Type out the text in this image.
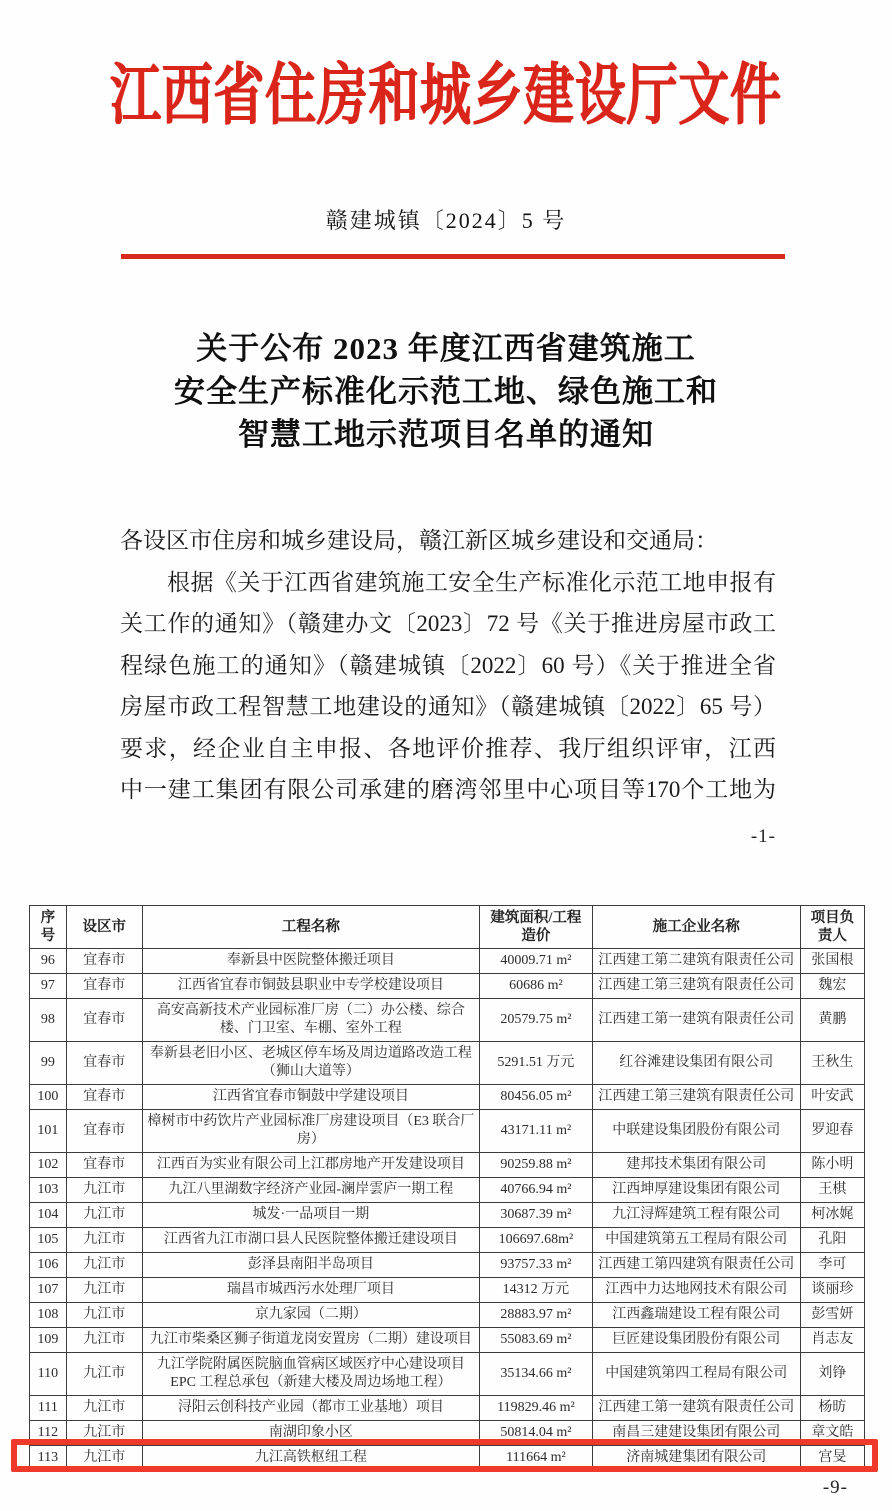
江西省住房和城乡建设厅文件
赣建城镇〔2024〕5 号
关于公布 2023 年度江西省建筑施工
安全生产标准化示范工地、绿色施工和
智慧工地示范项目名单的通知
各设区市住房和城乡建设局，赣江新区城乡建设和交通局：
根据《关于江西省建筑施工安全生产标准化示范工地申报有
关工作的通知》（赣建办文〔2023〕72 号《关于推进房屋市政工
程绿色施工的通知》（赣建城镇〔2022〕60 号）《关于推进全省
房屋市政工程智慧工地建设的通知》（赣建城镇〔2022〕65 号）
要求，经企业自主申报、各地评价推荐、我厅组织评审，江西
中一建工集团有限公司承建的磨湾邻里中心项目等170个工地为
-1-
序号	设区市	工程名称	建筑面积/工程造价	施工企业名称	项目负责人
96	宜春市	奉新县中医院整体搬迁项目	40009.71 m²	江西建工第二建筑有限责任公司	张国根
97	宜春市	江西省宜春市铜鼓县职业中专学校建设项目	60686 m²	江西建工第三建筑有限责任公司	魏宏
98	宜春市	高安高新技术产业园标准厂房（二）办公楼、综合楼、门卫室、车棚、室外工程	20579.75 m²	江西建工第一建筑有限责任公司	黄鹏
99	宜春市	奉新县老旧小区、老城区停车场及周边道路改造工程（狮山大道等）	5291.51 万元	红谷滩建设集团有限公司	王秋生
100	宜春市	江西省宜春市铜鼓中学建设项目	80456.05 m²	江西建工第三建筑有限责任公司	叶安武
101	宜春市	樟树市中药饮片产业园标准厂房建设项目（E3 联合厂房）	43171.11 m²	中联建设集团股份有限公司	罗迎春
102	宜春市	江西百为实业有限公司上江郡房地产开发建设项目	90259.88 m²	建邦技术集团有限公司	陈小明
103	九江市	九江八里湖数字经济产业园-澜岸雲庐一期工程	40766.94 m²	江西坤厚建设集团有限公司	王棋
104	九江市	城发·一品项目一期	30687.39 m²	九江浔辉建筑工程有限公司	柯冰娓
105	九江市	江西省九江市湖口县人民医院整体搬迁建设项目	106697.68m²	中国建筑第五工程局有限公司	孔阳
106	九江市	彭泽县南阳半岛项目	93757.33 m²	江西建工第四建筑有限责任公司	李可
107	九江市	瑞昌市城西污水处理厂项目	14312 万元	江西中力达地网技术有限公司	谈丽珍
108	九江市	京九家园（二期）	28883.97 m²	江西鑫瑞建设工程有限公司	彭雪妍
109	九江市	九江市柴桑区狮子街道龙岗安置房（二期）建设项目	55083.69 m²	巨匠建设集团股份有限公司	肖志友
110	九江市	九江学院附属医院脑血管病区域医疗中心建设项目 EPC 工程总承包（新建大楼及周边场地工程）	35134.66 m²	中国建筑第四工程局有限公司	刘铮
111	九江市	浔阳云创科技产业园（都市工业基地）项目	119829.46 m²	江西建工第一建筑有限责任公司	杨昉
112	九江市	南湖印象小区	50814.04 m²	南昌三建建设集团有限公司	章文皓
113	九江市	九江高铁枢纽工程	111664 m²	济南城建集团有限公司	宫旻
-9-
